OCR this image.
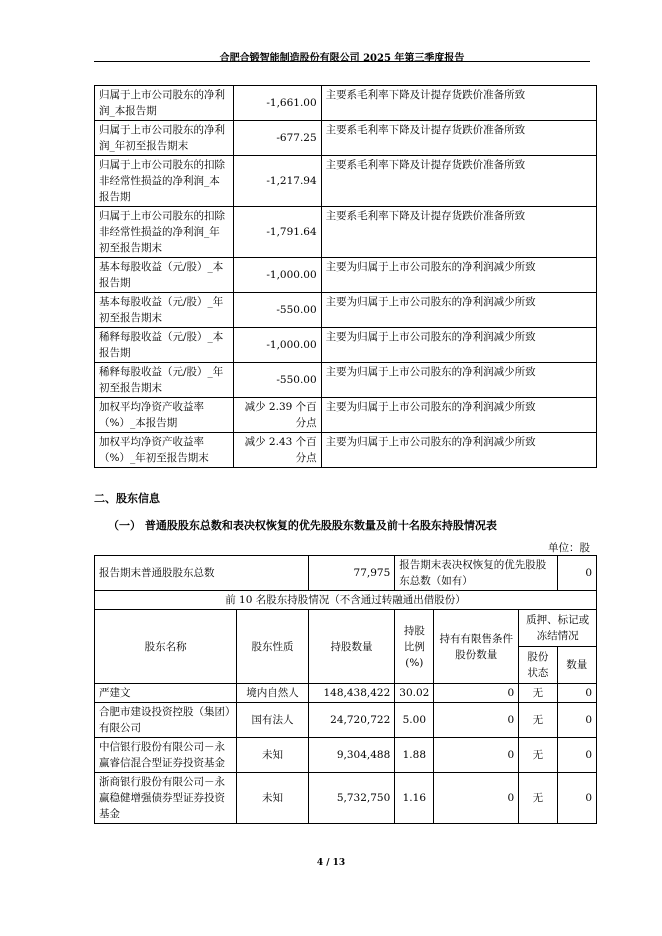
合肥合锻智能制造股份有限公司 2025 年第三季度报告
归属于上市公司股东的净利润_本报告期	-1,661.00	主要系毛利率下降及计提存货跌价准备所致
归属于上市公司股东的净利润_年初至报告期末	-677.25	主要系毛利率下降及计提存货跌价准备所致
归属于上市公司股东的扣除非经常性损益的净利润_本报告期	-1,217.94	主要系毛利率下降及计提存货跌价准备所致
归属于上市公司股东的扣除非经常性损益的净利润_年初至报告期末	-1,791.64	主要系毛利率下降及计提存货跌价准备所致
基本每股收益（元/股）_本报告期	-1,000.00	主要为归属于上市公司股东的净利润减少所致
基本每股收益（元/股）_年初至报告期末	-550.00	主要为归属于上市公司股东的净利润减少所致
稀释每股收益（元/股）_本报告期	-1,000.00	主要为归属于上市公司股东的净利润减少所致
稀释每股收益（元/股）_年初至报告期末	-550.00	主要为归属于上市公司股东的净利润减少所致
加权平均净资产收益率（%）_本报告期	减少 2.39 个百分点	主要为归属于上市公司股东的净利润减少所致
加权平均净资产收益率（%）_年初至报告期末	减少 2.43 个百分点	主要为归属于上市公司股东的净利润减少所致
二、股东信息
（一） 普通股股东总数和表决权恢复的优先股股东数量及前十名股东持股情况表
单位：股
报告期末普通股股东总数		77,975	报告期末表决权恢复的优先股股东总数（如有）			0
前 10 名股东持股情况（不含通过转融通出借股份）						
股东名称	股东性质	持股数量	持股比例(%)	持有有限售条件股份数量	质押、标记或冻结情况	
					股份状态	数量
严建文	境内自然人	148,438,422	30.02	0	无	0
合肥市建设投资控股（集团）有限公司	国有法人	24,720,722	5.00	0	无	0
中信银行股份有限公司－永赢睿信混合型证券投资基金	未知	9,304,488	1.88	0	无	0
浙商银行股份有限公司－永赢稳健增强债券型证券投资基金	未知	5,732,750	1.16	0	无	0
4 / 13
